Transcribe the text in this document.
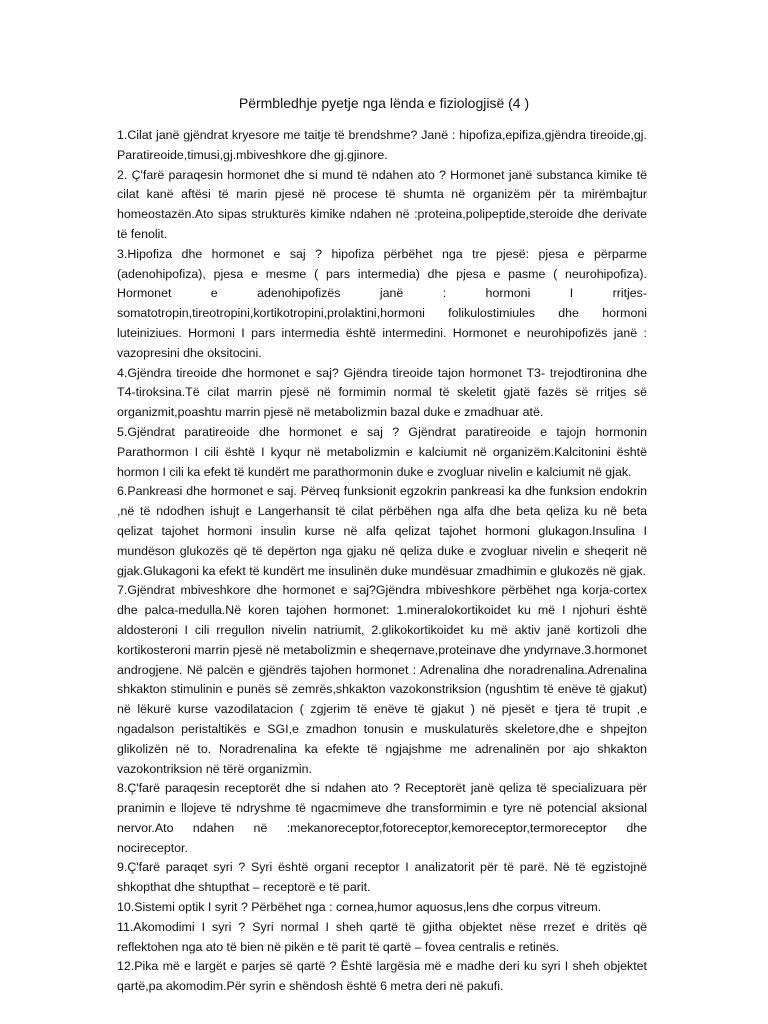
Përmbledhje pyetje nga lënda e fiziologjisë (4 )

1.Cilat janë gjëndrat kryesore me taitje të brendshme? Janë : hipofiza,epifiza,gjëndra tireoide,gj. Paratireoide,timusi,gj.mbiveshkore dhe gj.gjinore.

2. Ç'farë paraqesin hormonet dhe si mund të ndahen ato ? Hormonet janë substanca kimike të cilat kanë aftësi të marin pjesë në procese të shumta në organizëm për ta mirëmbajtur homeostazën.Ato sipas strukturës kimike ndahen në :proteina,polipeptide,steroide dhe derivate të fenolit.

3.Hipofiza dhe hormonet e saj ? hipofiza përbëhet nga tre pjesë: pjesa e përparme (adenohipofiza), pjesa e mesme ( pars intermedia) dhe pjesa e pasme ( neurohipofiza). Hormonet e adenohipofizës janë : hormoni I rritjes- somatotropin,tireotropini,kortikotropini,prolaktini,hormoni folikulostimiules dhe hormoni luteiniziues. Hormoni I pars intermedia është intermedini. Hormonet e neurohipofizës janë : vazopresini dhe oksitocini.

4.Gjëndra tireoide dhe hormonet e saj? Gjëndra tireoide tajon hormonet T3- trejodtironina dhe T4-tiroksina.Të cilat marrin pjesë në formimin normal të skeletit gjatë fazës së rritjes së organizmit,poashtu marrin pjesë në metabolizmin bazal duke e zmadhuar atë.

5.Gjëndrat paratireoide dhe hormonet e saj ? Gjëndrat paratireoide e tajojn hormonin Parathormon I cili është I kyqur në metabolizmin e kalciumit në organizëm.Kalcitonini është hormon I cili ka efekt të kundërt me parathormonin duke e zvogluar nivelin e kalciumit në gjak.

6.Pankreasi dhe hormonet e saj. Përveq funksionit egzokrin pankreasi ka dhe funksion endokrin ,në të ndodhen ishujt e Langerhansit të cilat përbëhen nga alfa dhe beta qeliza ku në beta qelizat tajohet hormoni insulin kurse në alfa qelizat tajohet hormoni glukagon.Insulina I mundëson glukozës që të depërton nga gjaku në qeliza duke e zvogluar nivelin e sheqerit në gjak.Glukagoni ka efekt të kundërt me insulinën duke mundësuar zmadhimin e glukozës në gjak.

7.Gjëndrat mbiveshkore dhe hormonet e saj?Gjëndra mbiveshkore përbëhet nga korja-cortex dhe palca-medulla.Në koren tajohen hormonet: 1.mineralokortikoidet ku më I njohuri është aldosteroni I cili rregullon nivelin natriumit, 2.glikokortikoidet ku më aktiv janë kortizoli dhe kortikosteroni marrin pjesë në metabolizmin e sheqernave,proteinave dhe yndyrnave.3.hormonet androgjene. Në palcën e gjëndrës tajohen hormonet : Adrenalina dhe noradrenalina.Adrenalina shkakton stimulinin e punës së zemrës,shkakton vazokonstriksion (ngushtim të enëve të gjakut) në lëkurë kurse vazodilatacion ( zgjerim të enëve të gjakut ) në pjesët e tjera të trupit ,e ngadalson peristaltikës e SGI,e zmadhon tonusin e muskulaturës skeletore,dhe e shpejton glikolizën në to. Noradrenalina ka efekte të ngjajshme me adrenalinën por ajo shkakton vazokontriksion në tërë organizmin.

8.Ç'farë paraqesin receptorët dhe si ndahen ato ? Receptorët janë qeliza të specializuara për pranimin e llojeve të ndryshme të ngacmimeve dhe transformimin e tyre në potencial aksional nervor.Ato ndahen në :mekanoreceptor,fotoreceptor,kemoreceptor,termoreceptor dhe nocireceptor.

9.Ç'farë paraqet syri ? Syri është organi receptor I analizatorit për të parë. Në të egzistojnë shkopthat dhe shtupthat – receptorë e të parit.

10.Sistemi optik I syrit ? Përbëhet nga : cornea,humor aquosus,lens dhe corpus vitreum.

11.Akomodimi I syri ? Syri normal I sheh qartë të gjitha objektet nëse rrezet e dritës që reflektohen nga ato të bien në pikën e të parit të qartë – fovea centralis e retinës.

12.Pika më e largët e parjes së qartë ? Është largësia më e madhe deri ku syri I sheh objektet qartë,pa akomodim.Për syrin e shëndosh është 6 metra deri në pakufi.
